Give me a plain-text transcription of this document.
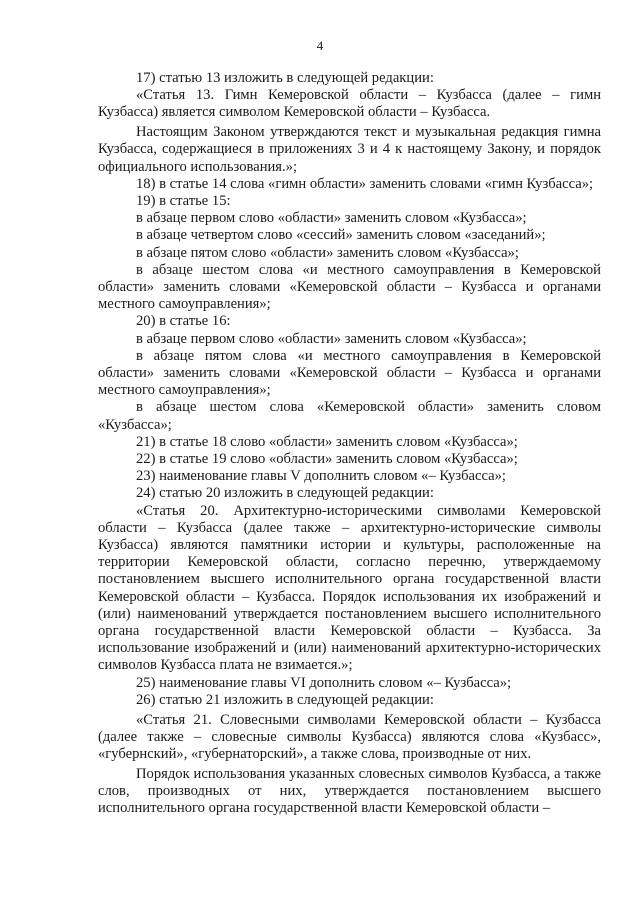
4

17) статью 13 изложить в следующей редакции:

«Статья 13. Гимн Кемеровской области – Кузбасса (далее – гимн Кузбасса) является символом Кемеровской области – Кузбасса.

Настоящим Законом утверждаются текст и музыкальная редакция гимна Кузбасса, содержащиеся в приложениях 3 и 4 к настоящему Закону, и порядок официального использования.»;

18) в статье 14 слова «гимн области» заменить словами «гимн Кузбасса»;

19) в статье 15:

в абзаце первом слово «области» заменить словом «Кузбасса»;

в абзаце четвертом слово «сессий» заменить словом «заседаний»;

в абзаце пятом слово «области» заменить словом «Кузбасса»;

в абзаце шестом слова «и местного самоуправления в Кемеровской области» заменить словами «Кемеровской области – Кузбасса и органами местного самоуправления»;

20) в статье 16:

в абзаце первом слово «области» заменить словом «Кузбасса»;

в абзаце пятом слова «и местного самоуправления в Кемеровской области» заменить словами «Кемеровской области – Кузбасса и органами местного самоуправления»;

в абзаце шестом слова «Кемеровской области» заменить словом «Кузбасса»;

21) в статье 18 слово «области» заменить словом «Кузбасса»;

22) в статье 19 слово «области» заменить словом «Кузбасса»;

23) наименование главы V дополнить словом «– Кузбасса»;

24) статью 20 изложить в следующей редакции:

«Статья 20. Архитектурно-историческими символами Кемеровской области – Кузбасса (далее также – архитектурно-исторические символы Кузбасса) являются памятники истории и культуры, расположенные на территории Кемеровской области, согласно перечню, утверждаемому постановлением высшего исполнительного органа государственной власти Кемеровской области – Кузбасса. Порядок использования их изображений и (или) наименований утверждается постановлением высшего исполнительного органа государственной власти Кемеровской области – Кузбасса. За использование изображений и (или) наименований архитектурно-исторических символов Кузбасса плата не взимается.»;

25) наименование главы VI дополнить словом «– Кузбасса»;

26) статью 21 изложить в следующей редакции:

«Статья 21. Словесными символами Кемеровской области – Кузбасса (далее также – словесные символы Кузбасса) являются слова «Кузбасс», «губернский», «губернаторский», а также слова, производные от них.

Порядок использования указанных словесных символов Кузбасса, а также слов, производных от них, утверждается постановлением высшего исполнительного органа государственной власти Кемеровской области –
